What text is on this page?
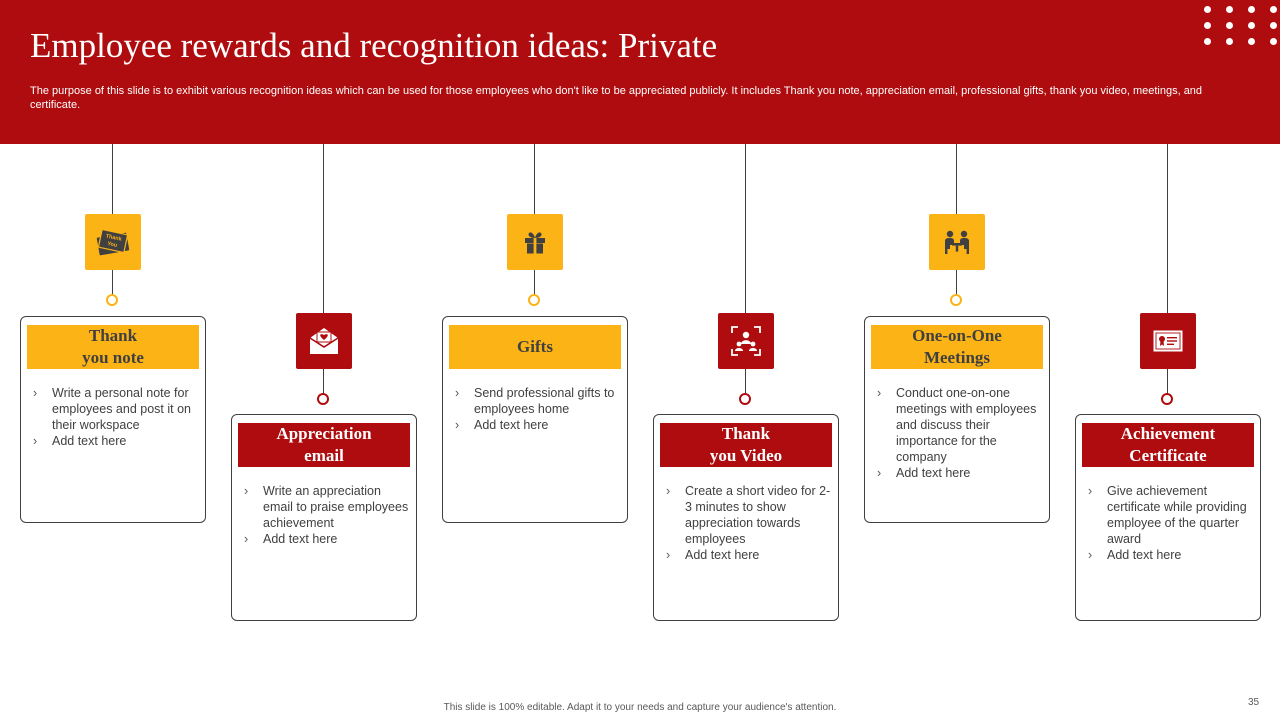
Employee rewards and recognition ideas: Private

The purpose of this slide is to exhibit various recognition ideas which can be used for those employees who don't like to be appreciated publicly. It includes Thank you note, appreciation email, professional gifts, thank you video, meetings, and certificate.

Thank
You
Thank
you note
› Write a personal note for employees and post it on their workspace
› Add text here	Appreciation
email
› Write an appreciation email to praise employees achievement
› Add text here
Gifts
› Send professional gifts to employees home
› Add text here	Thank
you Video
› Create a short video for 2-3 minutes to show appreciation towards employees
› Add text here
One-on-One
Meetings
› Conduct one-on-one meetings with employees and discuss their importance for the company
› Add text here
Achievement
Certificate
› Give achievement certificate while providing employee of the quarter award
› Add text here
This slide is 100% editable. Adapt it to your needs and capture your audience's attention.	35
